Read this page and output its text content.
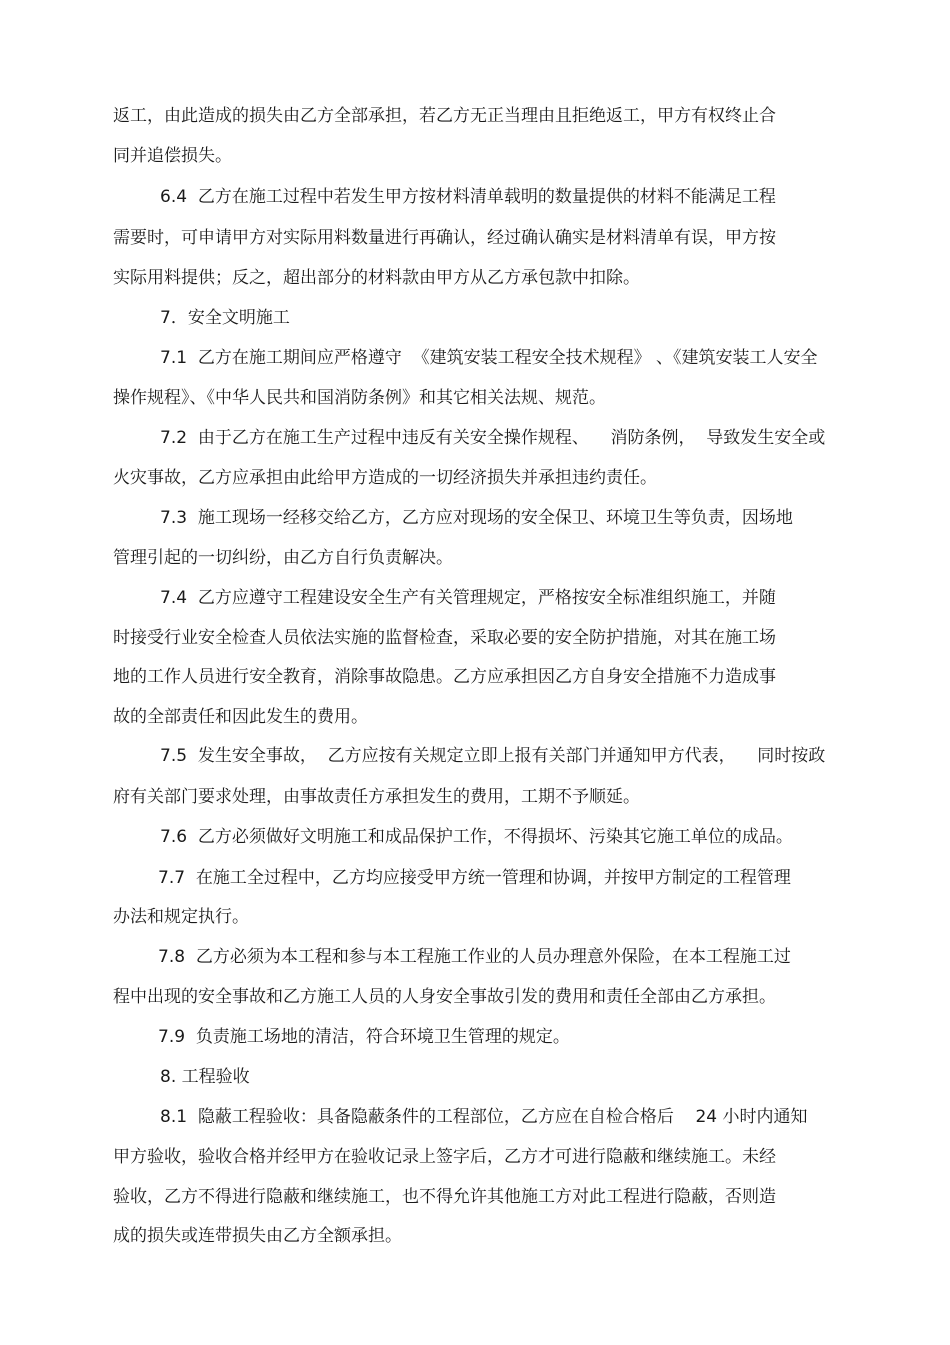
返工，由此造成的损失由乙方全部承担，若乙方无正当理由且拒绝返工，甲方有权终止合
同并追偿损失。
6.4  乙方在施工过程中若发生甲方按材料清单载明的数量提供的材料不能满足工程
需要时，可申请甲方对实际用料数量进行再确认，经过确认确实是材料清单有误，甲方按
实际用料提供；反之，超出部分的材料款由甲方从乙方承包款中扣除。
7．安全文明施工
7.1  乙方在施工期间应严格遵守  《建筑安装工程安全技术规程》 、《建筑安装工人安全
操作规程》、《中华人民共和国消防条例》和其它相关法规、规范。
7.2  由于乙方在施工生产过程中违反有关安全操作规程、    消防条例，  导致发生安全或
火灾事故，乙方应承担由此给甲方造成的一切经济损失并承担违约责任。
7.3  施工现场一经移交给乙方，乙方应对现场的安全保卫、环境卫生等负责，因场地
管理引起的一切纠纷，由乙方自行负责解决。
7.4  乙方应遵守工程建设安全生产有关管理规定，严格按安全标准组织施工，并随
时接受行业安全检查人员依法实施的监督检查，采取必要的安全防护措施，对其在施工场
地的工作人员进行安全教育，消除事故隐患。乙方应承担因乙方自身安全措施不力造成事
故的全部责任和因此发生的费用。
7.5  发生安全事故，  乙方应按有关规定立即上报有关部门并通知甲方代表，    同时按政
府有关部门要求处理，由事故责任方承担发生的费用，工期不予顺延。
7.6  乙方必须做好文明施工和成品保护工作，不得损坏、污染其它施工单位的成品。
7.7  在施工全过程中，乙方均应接受甲方统一管理和协调，并按甲方制定的工程管理
办法和规定执行。
7.8  乙方必须为本工程和参与本工程施工作业的人员办理意外保险，在本工程施工过
程中出现的安全事故和乙方施工人员的人身安全事故引发的费用和责任全部由乙方承担。
7.9  负责施工场地的清洁，符合环境卫生管理的规定。
8. 工程验收
8.1  隐蔽工程验收：具备隐蔽条件的工程部位，乙方应在自检合格后    24 小时内通知
甲方验收，验收合格并经甲方在验收记录上签字后，乙方才可进行隐蔽和继续施工。未经
验收，乙方不得进行隐蔽和继续施工，也不得允许其他施工方对此工程进行隐蔽，否则造
成的损失或连带损失由乙方全额承担。
